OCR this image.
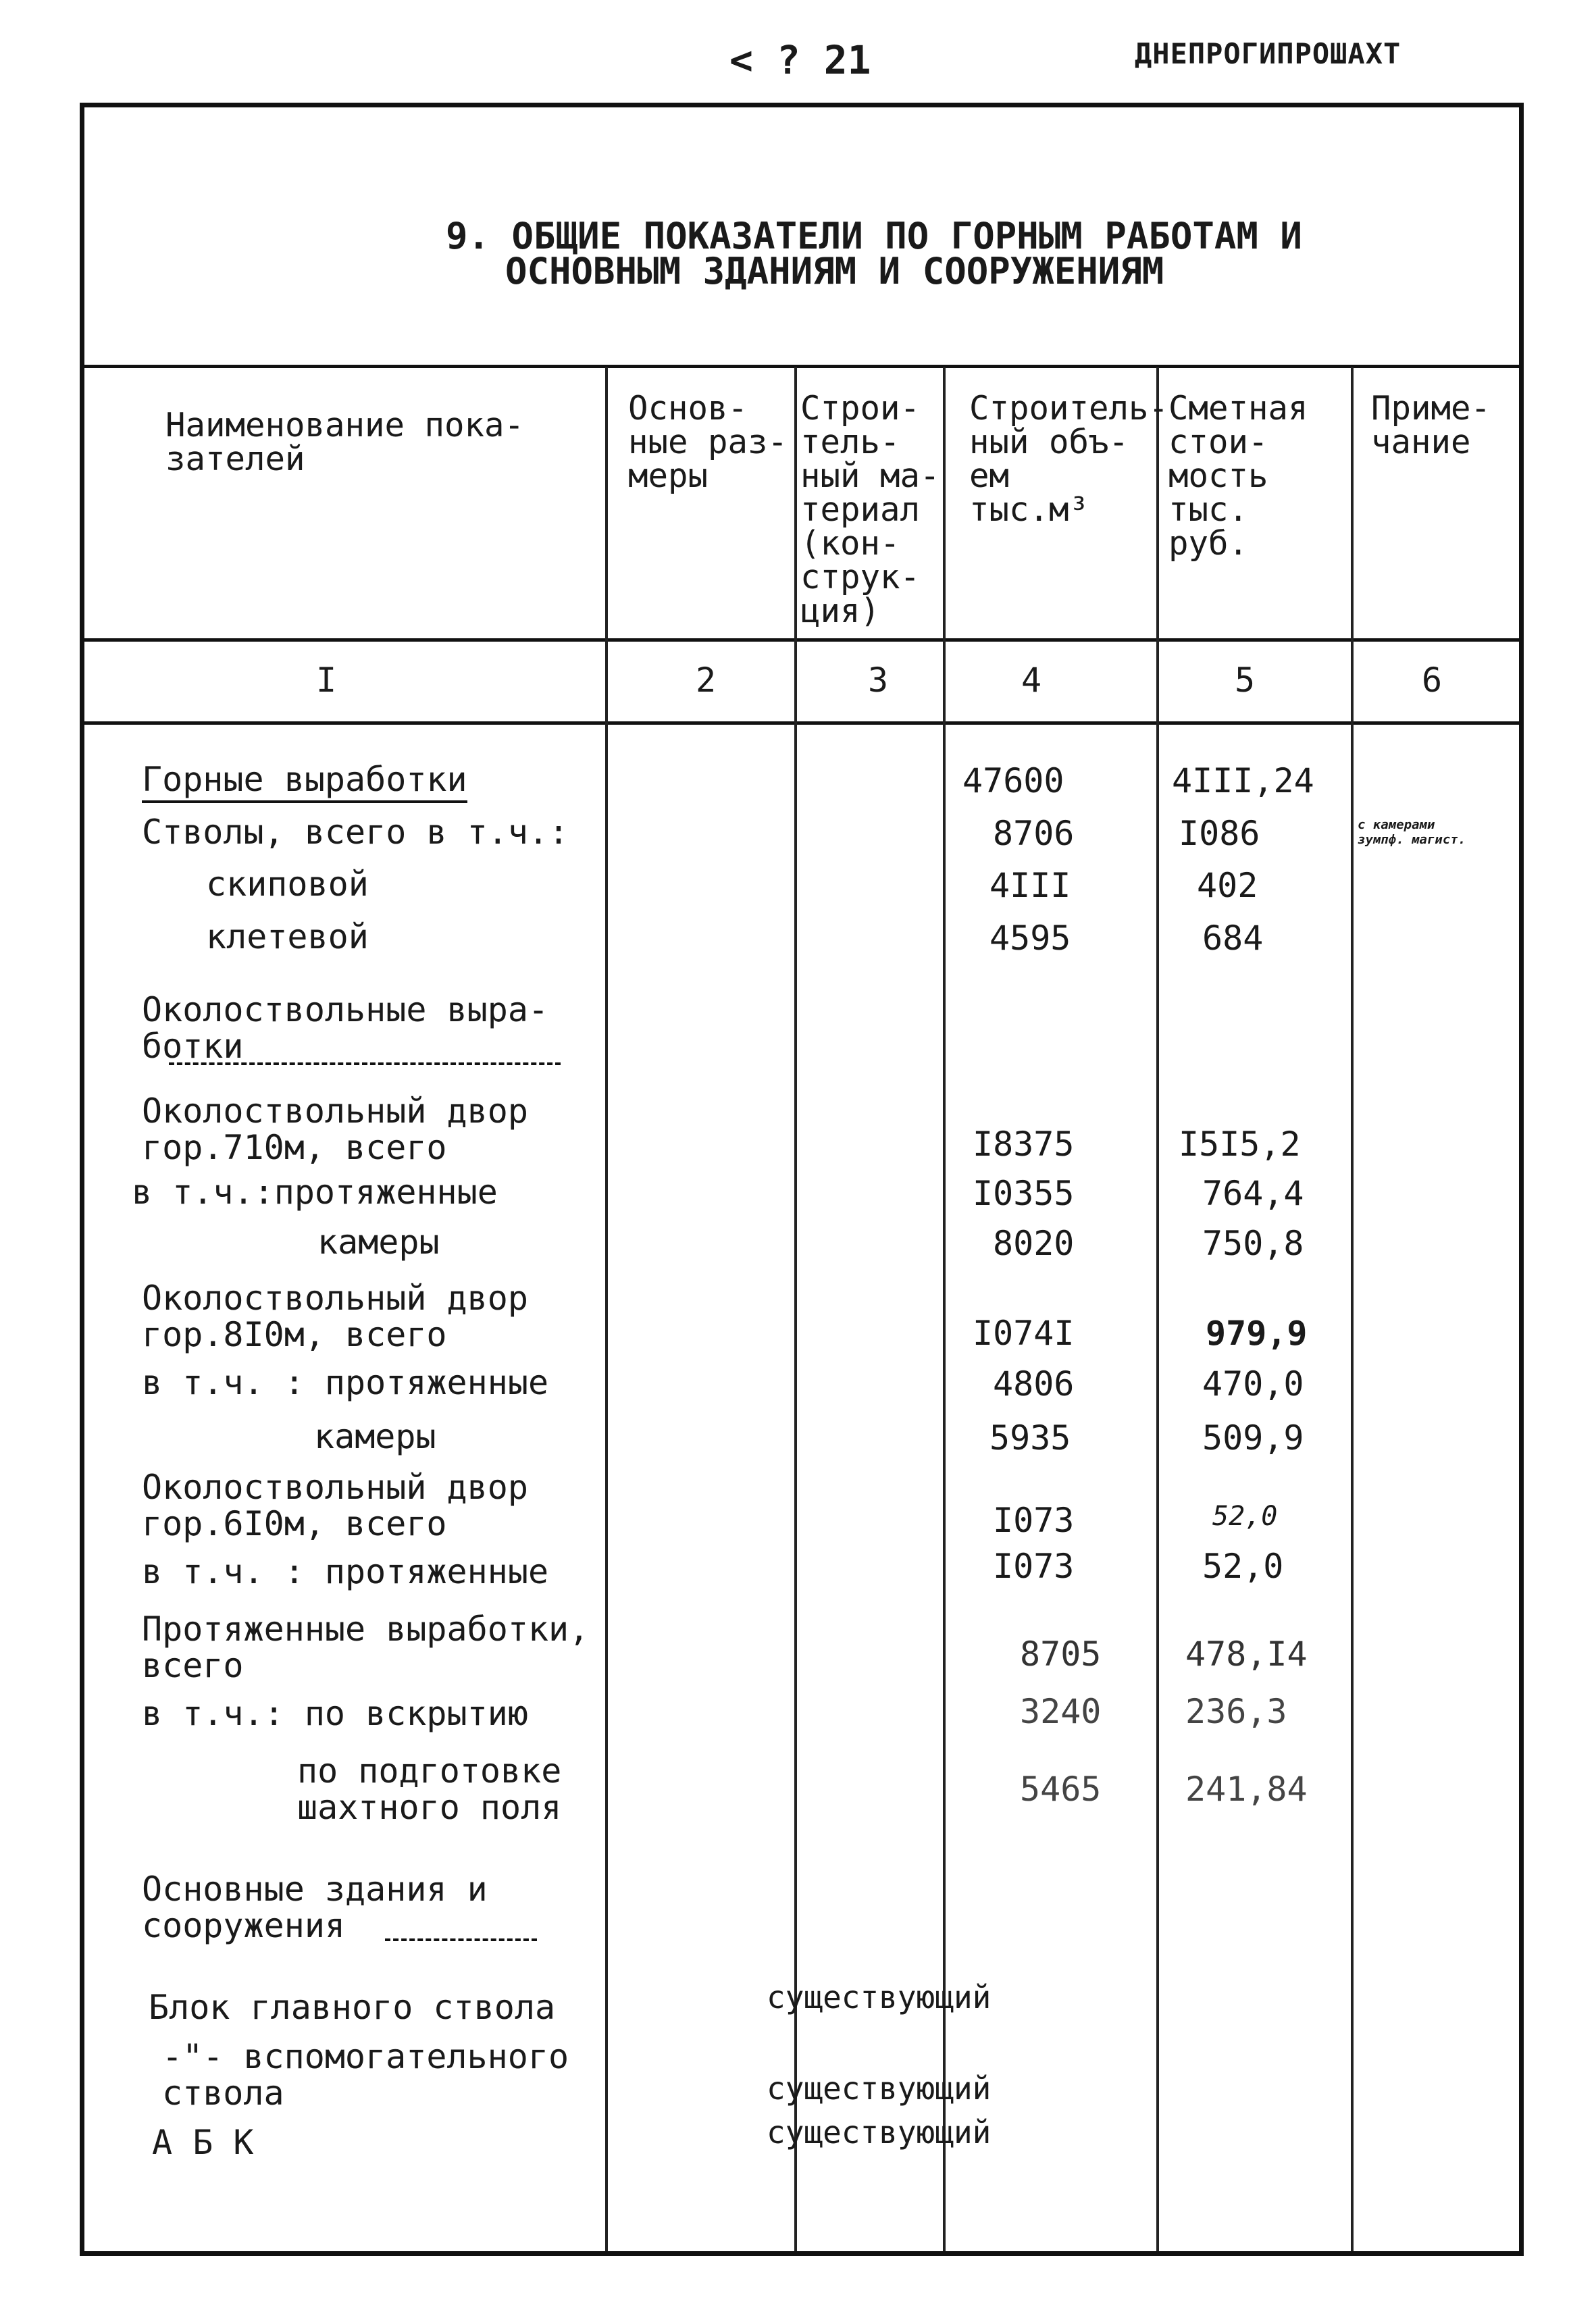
< ? 21	ДНЕПРОГИПРОШАХТ
9. ОБЩИЕ ПОКАЗАТЕЛИ ПО ГОРНЫМ РАБОТАМ И
ОСНОВНЫМ ЗДАНИЯМ И СООРУЖЕНИЯМ
Наименование пока-
зателей
Основ-
ные раз-
меры
Строи-
тель-
ный ма-
териал
(кон-
струк-
ция)
Строитель-
ный объ-
ем
тыс.м³
Сметная
стои-
мость
тыс.
руб.
Приме-
чание
I	2	3	4	5	6
Горные выработки	47600	4III,24
Стволы, всего в т.ч.:	8706	I086	с камерами
зумпф. магист.
скиповой	4III	402
клетевой	4595	684
Околоствольные выра-
ботки
Околоствольный двор
гор.710м, всего	I8375	I5I5,2
в т.ч.:протяженные	I0355	764,4
камеры	8020	750,8
Околоствольный двор
гор.8I0м, всего	I074I	979,9
в т.ч. : протяженные	4806	470,0
камеры	5935	509,9
Околоствольный двор
гор.6I0м, всего	I073	52,0
в т.ч. : протяженные	I073	52,0
Протяженные выработки,
всего	8705 478,I4
в т.ч.: по вскрытию	3240 236,3
по подготовке
шахтного поля	5465 241,84
Основные здания и
сооружения
Блок главного ствола	существующий
-"- вспомогательного
ствола	существующий
А Б К	существующий
